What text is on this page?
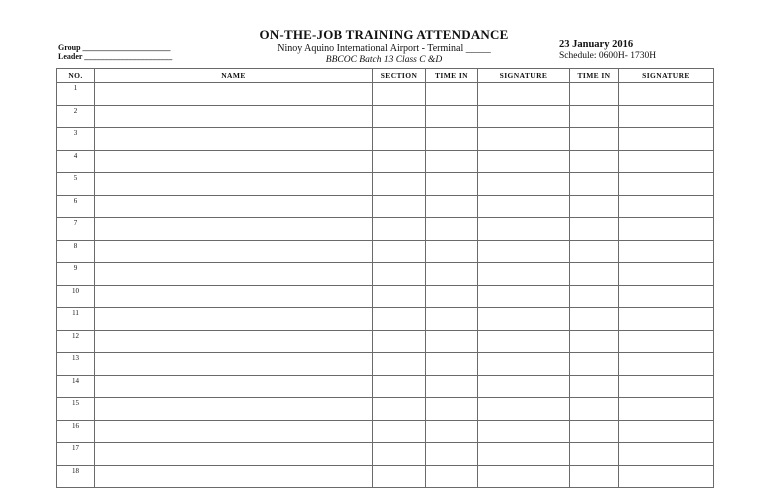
ON-THE-JOB TRAINING ATTENDANCE
Ninoy Aquino International Airport - Terminal _____
BBCOC Batch 13 Class C &D
Group ______________________
Leader ______________________
23 January 2016
Schedule: 0600H- 1730H
NO.	NAME	SECTION	TIME IN	SIGNATURE	TIME IN	SIGNATURE
1						
2						
3						
4						
5						
6						
7						
8						
9						
10						
11						
12						
13						
14						
15						
16						
17						
18						
